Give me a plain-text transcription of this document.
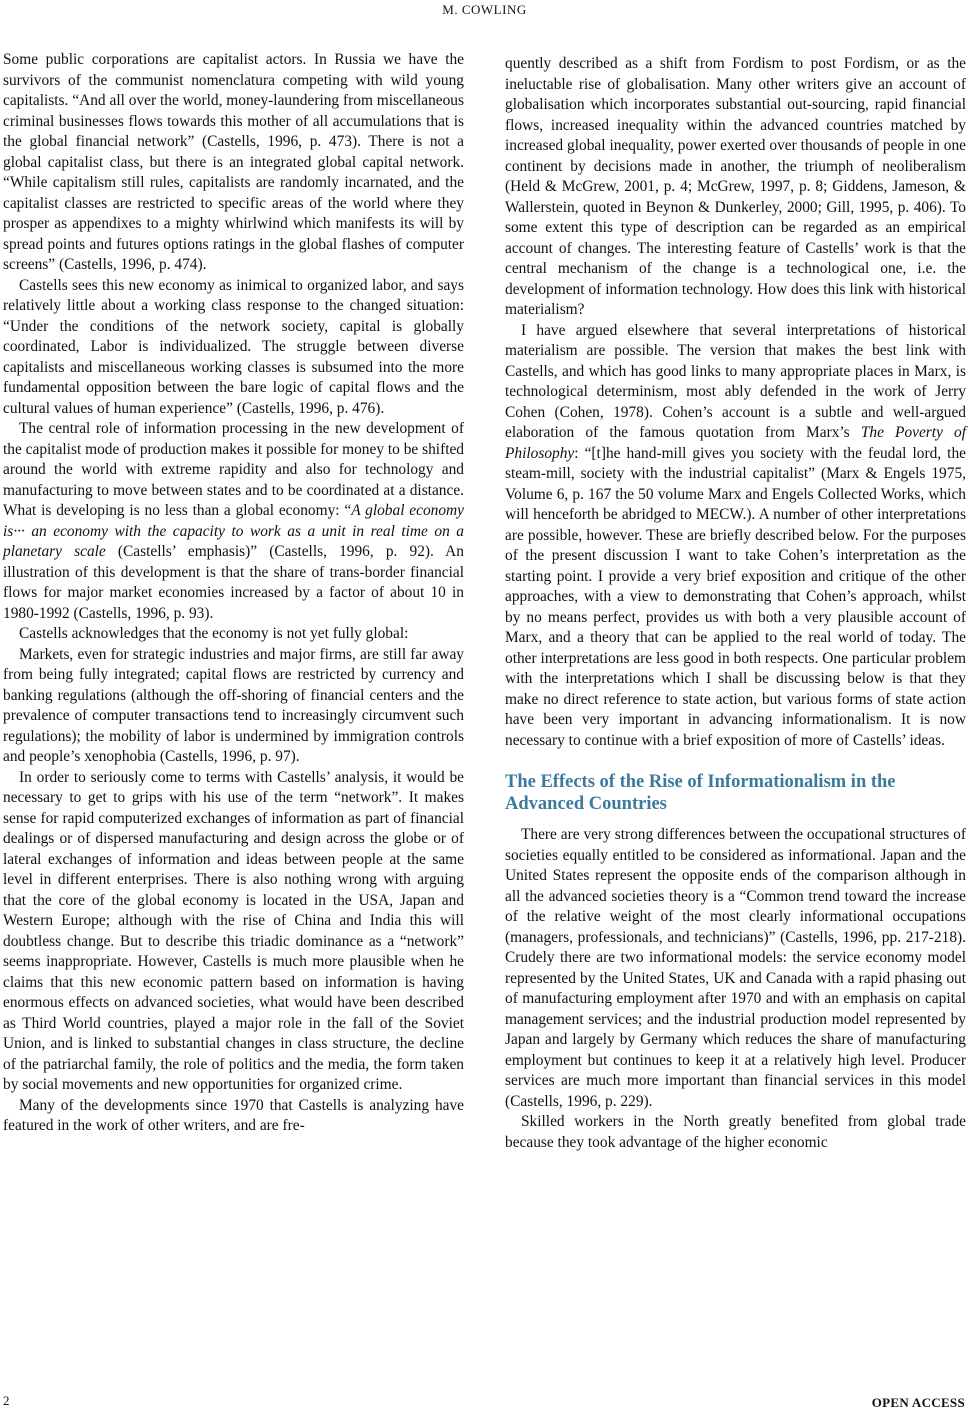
M. COWLING

Some public corporations are capitalist actors. In Russia we have the survivors of the communist nomenclatura competing with wild young capitalists. “And all over the world, money-laundering from miscellaneous criminal businesses flows towards this mother of all accumulations that is the global financial network” (Castells, 1996, p. 473). There is not a global capitalist class, but there is an integrated global capital network. “While capitalism still rules, capitalists are randomly incarnated, and the capitalist classes are restricted to specific areas of the world where they prosper as appendixes to a mighty whirlwind which manifests its will by spread points and futures options ratings in the global flashes of computer screens” (Castells, 1996, p. 474).

Castells sees this new economy as inimical to organized labor, and says relatively little about a working class response to the changed situation: “Under the conditions of the network society, capital is globally coordinated, Labor is individualized. The struggle between diverse capitalists and miscellaneous working classes is subsumed into the more fundamental opposition between the bare logic of capital flows and the cultural values of human experience” (Castells, 1996, p. 476).

The central role of information processing in the new development of the capitalist mode of production makes it possible for money to be shifted around the world with extreme rapidity and also for technology and manufacturing to move between states and to be coordinated at a distance. What is developing is no less than a global economy: “A global economy is··· an economy with the capacity to work as a unit in real time on a planetary scale (Castells’ emphasis)” (Castells, 1996, p. 92). An illustration of this development is that the share of trans-border financial flows for major market economies increased by a factor of about 10 in 1980-1992 (Castells, 1996, p. 93).

Castells acknowledges that the economy is not yet fully global:

Markets, even for strategic industries and major firms, are still far away from being fully integrated; capital flows are restricted by currency and banking regulations (although the off-shoring of financial centers and the prevalence of computer transactions tend to increasingly circumvent such regulations); the mobility of labor is undermined by immigration controls and people’s xenophobia (Castells, 1996, p. 97).

In order to seriously come to terms with Castells’ analysis, it would be necessary to get to grips with his use of the term “network”. It makes sense for rapid computerized exchanges of information as part of financial dealings or of dispersed manufacturing and design across the globe or of lateral exchanges of information and ideas between people at the same level in different enterprises. There is also nothing wrong with arguing that the core of the global economy is located in the USA, Japan and Western Europe; although with the rise of China and India this will doubtless change. But to describe this triadic dominance as a “network” seems inappropriate. However, Castells is much more plausible when he claims that this new economic pattern based on information is having enormous effects on advanced societies, what would have been described as Third World countries, played a major role in the fall of the Soviet Union, and is linked to substantial changes in class structure, the decline of the patriarchal family, the role of politics and the media, the form taken by social movements and new opportunities for organized crime.

Many of the developments since 1970 that Castells is analyzing have featured in the work of other writers, and are fre-

quently described as a shift from Fordism to post Fordism, or as the ineluctable rise of globalisation. Many other writers give an account of globalisation which incorporates substantial out-sourcing, rapid financial flows, increased inequality within the advanced countries matched by increased global inequality, power exerted over thousands of people in one continent by decisions made in another, the triumph of neoliberalism (Held & McGrew, 2001, p. 4; McGrew, 1997, p. 8; Giddens, Jameson, & Wallerstein, quoted in Beynon & Dunkerley, 2000; Gill, 1995, p. 406). To some extent this type of description can be regarded as an empirical account of changes. The interesting feature of Castells’ work is that the central mechanism of the change is a technological one, i.e. the development of information technology. How does this link with historical materialism?

I have argued elsewhere that several interpretations of historical materialism are possible. The version that makes the best link with Castells, and which has good links to many appropriate places in Marx, is technological determinism, most ably defended in the work of Jerry Cohen (Cohen, 1978). Cohen’s account is a subtle and well-argued elaboration of the famous quotation from Marx’s The Poverty of Philosophy: “[t]he hand-mill gives you society with the feudal lord, the steam-mill, society with the industrial capitalist” (Marx & Engels 1975, Volume 6, p. 167 the 50 volume Marx and Engels Collected Works, which will henceforth be abridged to MECW.). A number of other interpretations are possible, however. These are briefly described below. For the purposes of the present discussion I want to take Cohen’s interpretation as the starting point. I provide a very brief exposition and critique of the other approaches, with a view to demonstrating that Cohen’s approach, whilst by no means perfect, provides us with both a very plausible account of Marx, and a theory that can be applied to the real world of today. The other interpretations are less good in both respects. One particular problem with the interpretations which I shall be discussing below is that they make no direct reference to state action, but various forms of state action have been very important in advancing informationalism. It is now necessary to continue with a brief exposition of more of Castells’ ideas.

The Effects of the Rise of Informationalism in the Advanced Countries

There are very strong differences between the occupational structures of societies equally entitled to be considered as informational. Japan and the United States represent the opposite ends of the comparison although in all the advanced societies theory is a “Common trend toward the increase of the relative weight of the most clearly informational occupations (managers, professionals, and technicians)” (Castells, 1996, pp. 217-218). Crudely there are two informational models: the service economy model represented by the United States, UK and Canada with a rapid phasing out of manufacturing employment after 1970 and with an emphasis on capital management services; and the industrial production model represented by Japan and largely by Germany which reduces the share of manufacturing employment but continues to keep it at a relatively high level. Producer services are much more important than financial services in this model (Castells, 1996, p. 229).

Skilled workers in the North greatly benefited from global trade because they took advantage of the higher economic

2	OPEN ACCESS
